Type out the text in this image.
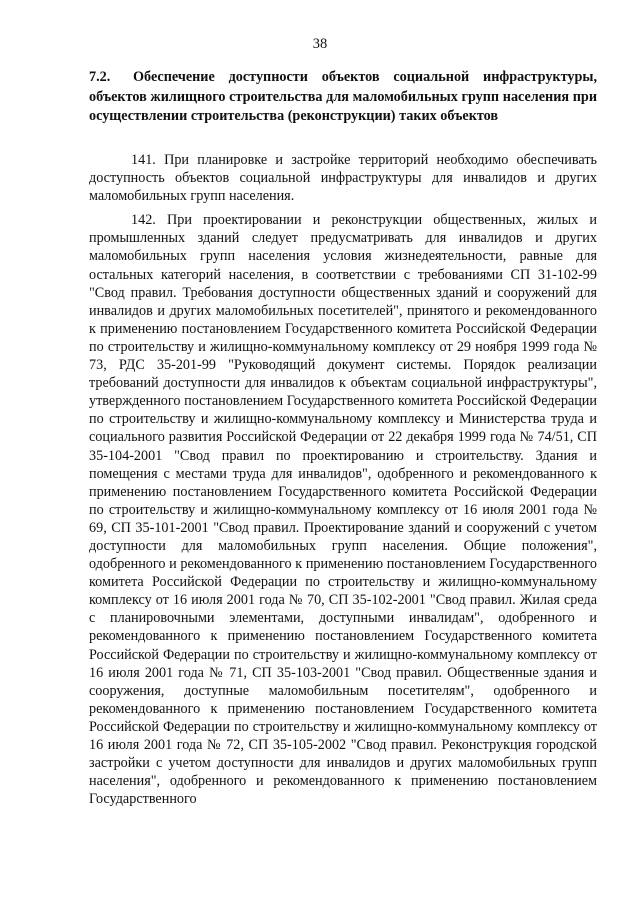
38
7.2. Обеспечение доступности объектов социальной инфраструктуры, объектов жилищного строительства для маломобильных групп населения при осуществлении строительства (реконструкции) таких объектов

141. При планировке и застройке территорий необходимо обеспечивать доступность объектов социальной инфраструктуры для инвалидов и других маломобильных групп населения.

142. При проектировании и реконструкции общественных, жилых и промышленных зданий следует предусматривать для инвалидов и других маломобильных групп населения условия жизнедеятельности, равные для остальных категорий населения, в соответствии с требованиями СП 31-102-99 "Свод правил. Требования доступности общественных зданий и сооружений для инвалидов и других маломобильных посетителей", принятого и рекомендованного к применению постановлением Государственного комитета Российской Федерации по строительству и жилищно-коммунальному комплексу от 29 ноября 1999 года № 73, РДС 35-201-99 "Руководящий документ системы. Порядок реализации требований доступности для инвалидов к объектам социальной инфраструктуры", утвержденного постановлением Государственного комитета Российской Федерации по строительству и жилищно-коммунальному комплексу и Министерства труда и социального развития Российской Федерации от 22 декабря 1999 года № 74/51, СП 35-104-2001 "Свод правил по проектированию и строительству. Здания и помещения с местами труда для инвалидов", одобренного и рекомендованного к применению постановлением Государственного комитета Российской Федерации по строительству и жилищно-коммунальному комплексу от 16 июля 2001 года № 69, СП 35-101-2001 "Свод правил. Проектирование зданий и сооружений с учетом доступности для маломобильных групп населения. Общие положения", одобренного и рекомендованного к применению постановлением Государственного комитета Российской Федерации по строительству и жилищно-коммунальному комплексу от 16 июля 2001 года № 70, СП 35-102-2001 "Свод правил. Жилая среда с планировочными элементами, доступными инвалидам", одобренного и рекомендованного к применению постановлением Государственного комитета Российской Федерации по строительству и жилищно-коммунальному комплексу от 16 июля 2001 года № 71, СП 35-103-2001 "Свод правил. Общественные здания и сооружения, доступные маломобильным посетителям", одобренного и рекомендованного к применению постановлением Государственного комитета Российской Федерации по строительству и жилищно-коммунальному комплексу от 16 июля 2001 года № 72, СП 35-105-2002 "Свод правил. Реконструкция городской застройки с учетом доступности для инвалидов и других маломобильных групп населения", одобренного и рекомендованного к применению постановлением Государственного
